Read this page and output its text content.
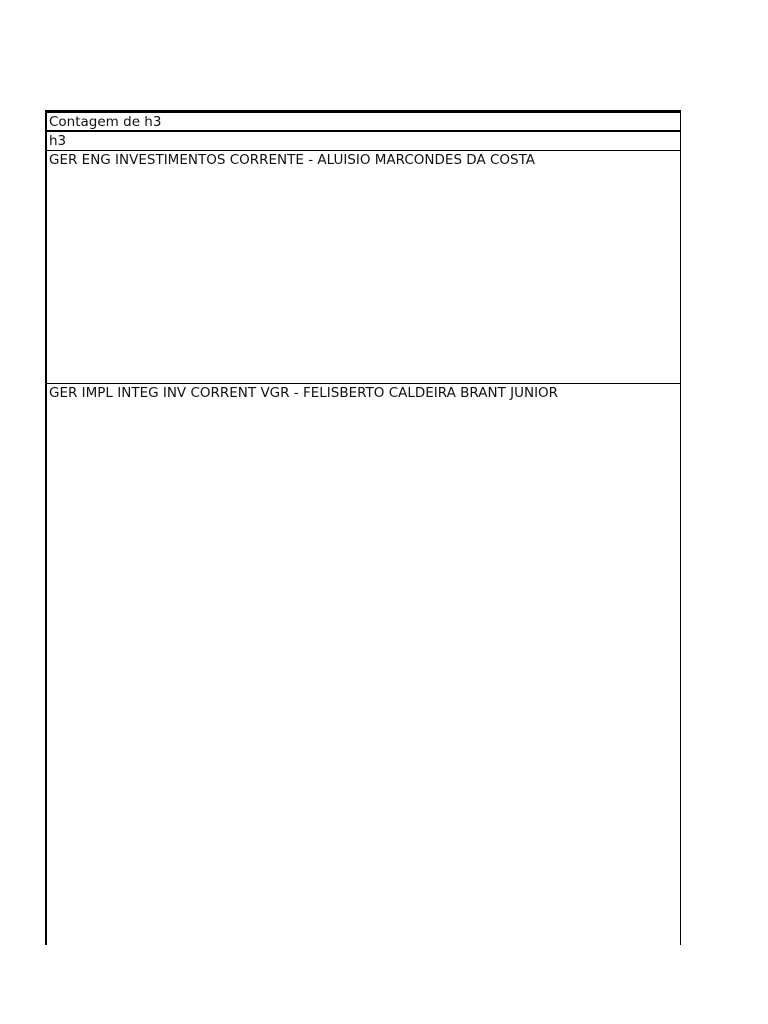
Contagem de h3
h3
GER ENG INVESTIMENTOS CORRENTE - ALUISIO MARCONDES DA COSTA
GER IMPL INTEG INV CORRENT VGR - FELISBERTO CALDEIRA BRANT JUNIOR
